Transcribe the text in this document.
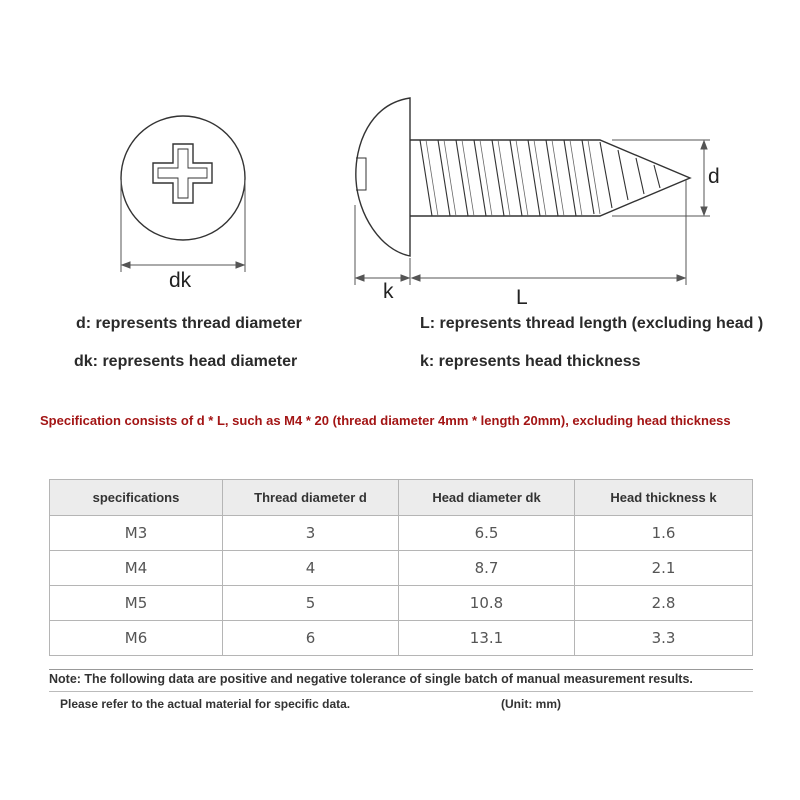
dk	k	L
d
d: represents thread diameter	L: represents thread length (excluding head )
dk: represents head diameter	k: represents head thickness
Specification consists of d * L, such as M4 * 20 (thread diameter 4mm * length 20mm), excluding head thickness
specifications	Thread diameter d	Head diameter dk	Head thickness k
M3	3	6.5	1.6
M4	4	8.7	2.1
M5	5	10.8	2.8
M6	6	13.1	3.3
Note: The following data are positive and negative tolerance of single batch of manual measurement results.
Please refer to the actual material for specific data.	(Unit: mm)
